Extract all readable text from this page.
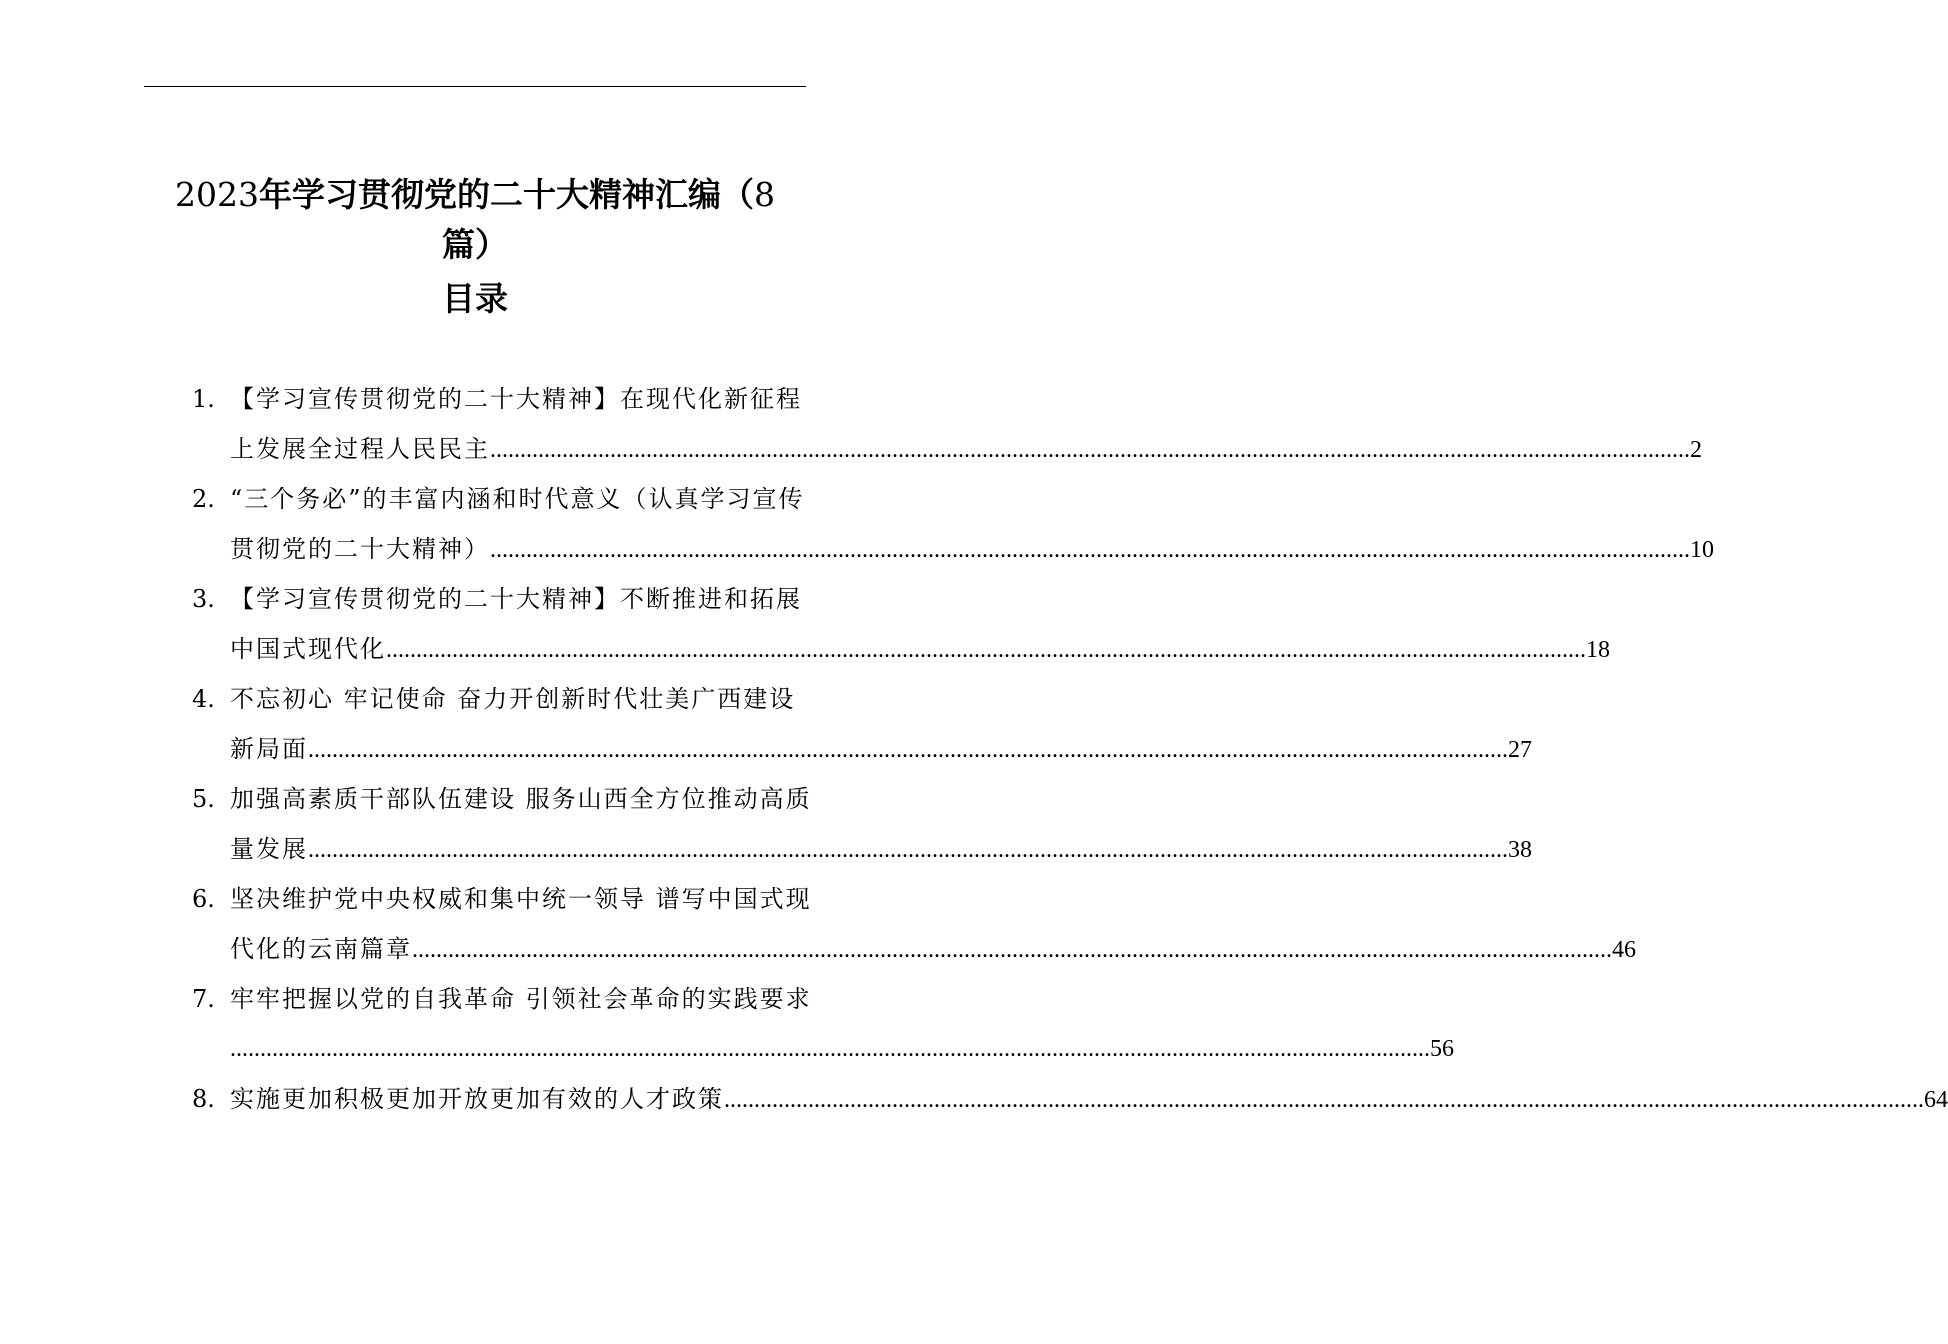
2023年学习贯彻党的二十大精神汇编（8
篇）
目录
1. 【学习宣传贯彻党的二十大精神】在现代化新征程
上发展全过程人民民主 ........................................................................................................................................................................................................ 2
2. “三个务必”的丰富内涵和时代意义（认真学习宣传
贯彻党的二十大精神） ........................................................................................................................................................................................................ 10
3. 【学习宣传贯彻党的二十大精神】不断推进和拓展
中国式现代化 ........................................................................................................................................................................................................ 18
4. 不忘初心 牢记使命 奋力开创新时代壮美广西建设
新局面 ........................................................................................................................................................................................................ 27
5. 加强高素质干部队伍建设 服务山西全方位推动高质
量发展 ........................................................................................................................................................................................................ 38
6. 坚决维护党中央权威和集中统一领导 谱写中国式现
代化的云南篇章 ........................................................................................................................................................................................................ 46
7. 牢牢把握以党的自我革命 引领社会革命的实践要求
........................................................................................................................................................................................................ 56
8. 实施更加积极更加开放更加有效的人才政策 ........................................................................................................................................................................................................ 64
